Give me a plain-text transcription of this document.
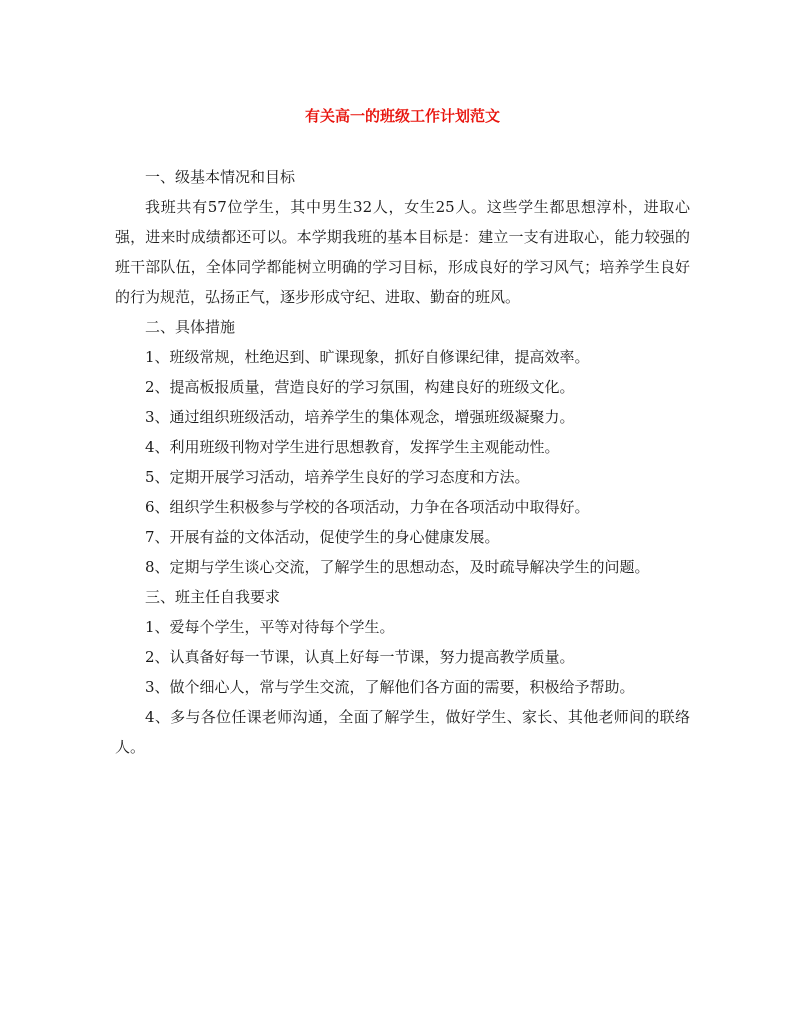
有关高一的班级工作计划范文

一、级基本情况和目标

我班共有57位学生，其中男生32人，女生25人。这些学生都思想淳朴，进取心强，进来时成绩都还可以。本学期我班的基本目标是：建立一支有进取心，能力较强的班干部队伍，全体同学都能树立明确的学习目标，形成良好的学习风气；培养学生良好的行为规范，弘扬正气，逐步形成守纪、进取、勤奋的班风。

二、具体措施

1、班级常规，杜绝迟到、旷课现象，抓好自修课纪律，提高效率。

2、提高板报质量，营造良好的学习氛围，构建良好的班级文化。

3、通过组织班级活动，培养学生的集体观念，增强班级凝聚力。

4、利用班级刊物对学生进行思想教育，发挥学生主观能动性。

5、定期开展学习活动，培养学生良好的学习态度和方法。

6、组织学生积极参与学校的各项活动，力争在各项活动中取得好。

7、开展有益的文体活动，促使学生的身心健康发展。

8、定期与学生谈心交流，了解学生的思想动态，及时疏导解决学生的问题。

三、班主任自我要求

1、爱每个学生，平等对待每个学生。

2、认真备好每一节课，认真上好每一节课，努力提高教学质量。

3、做个细心人，常与学生交流，了解他们各方面的需要，积极给予帮助。

4、多与各位任课老师沟通，全面了解学生，做好学生、家长、其他老师间的联络人。
